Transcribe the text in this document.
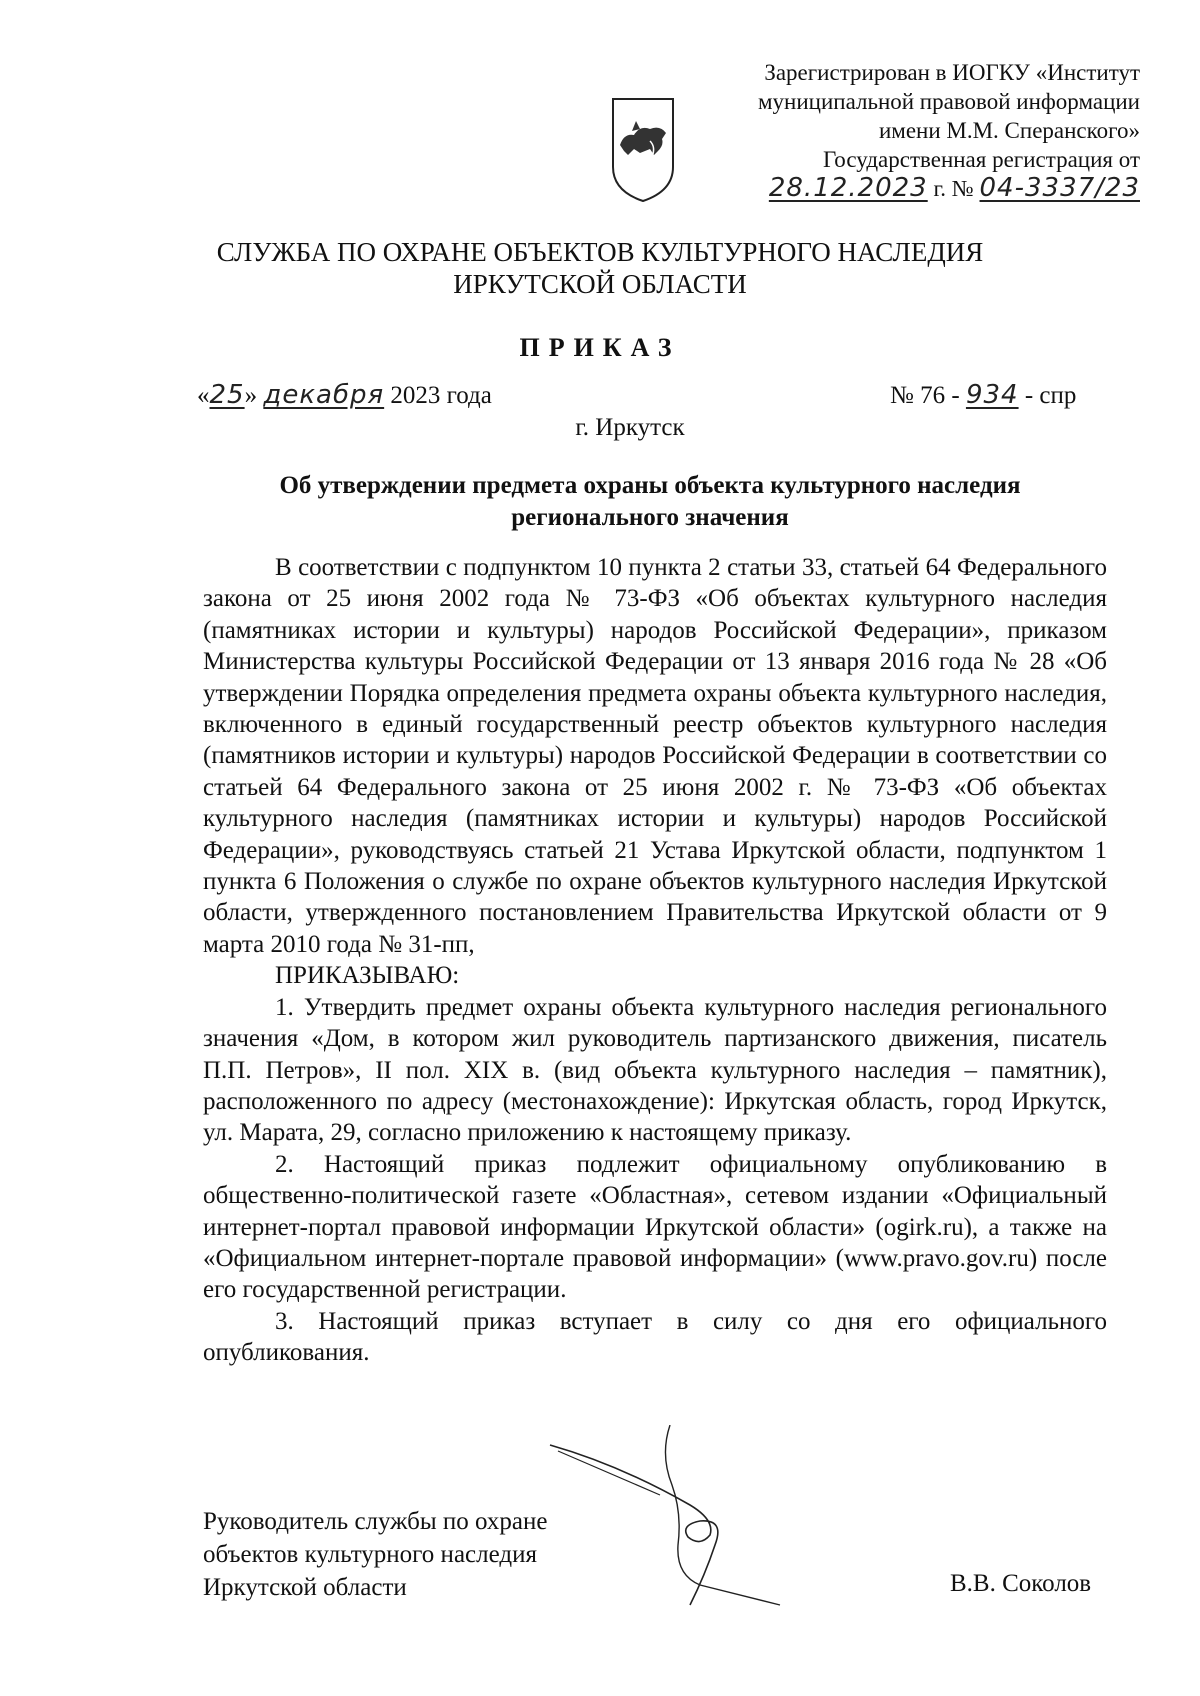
Зарегистрирован в ИОГКУ «Институт
муниципальной правовой информации
имени М.М. Сперанского»
Государственная регистрация от
28.12.2023 г. № 04-3337/23
СЛУЖБА ПО ОХРАНЕ ОБЪЕКТОВ КУЛЬТУРНОГО НАСЛЕДИЯ
ИРКУТСКОЙ ОБЛАСТИ
ПРИКАЗ
«25» декабря 2023 года	№ 76 - 934 - спр
г. Иркутск
Об утверждении предмета охраны объекта культурного наследия
регионального значения

В соответствии с подпунктом 10 пункта 2 статьи 33, статьей 64 Федерального закона от 25 июня 2002 года № 73-ФЗ «Об объектах культурного наследия (памятниках истории и культуры) народов Российской Федерации», приказом Министерства культуры Российской Федерации от 13 января 2016 года № 28 «Об утверждении Порядка определения предмета охраны объекта культурного наследия, включенного в единый государственный реестр объектов культурного наследия (памятников истории и культуры) народов Российской Федерации в соответствии со статьей 64 Федерального закона от 25 июня 2002 г. № 73-ФЗ «Об объектах культурного наследия (памятниках истории и культуры) народов Российской Федерации», руководствуясь статьей 21 Устава Иркутской области, подпунктом 1 пункта 6 Положения о службе по охране объектов культурного наследия Иркутской области, утвержденного постановлением Правительства Иркутской области от 9 марта 2010 года № 31-пп,

ПРИКАЗЫВАЮ:

1. Утвердить предмет охраны объекта культурного наследия регионального значения «Дом, в котором жил руководитель партизанского движения, писатель П.П. Петров», II пол. XIX в. (вид объекта культурного наследия – памятник), расположенного по адресу (местонахождение): Иркутская область, город Иркутск, ул. Марата, 29, согласно приложению к настоящему приказу.

2. Настоящий приказ подлежит официальному опубликованию в общественно-политической газете «Областная», сетевом издании «Официальный интернет-портал правовой информации Иркутской области» (ogirk.ru), а также на «Официальном интернет-портале правовой информации» (www.pravo.gov.ru) после его государственной регистрации.

3. Настоящий приказ вступает в силу со дня его официального опубликования.

Руководитель службы по охране
объектов культурного наследия
Иркутской области	В.В. Соколов
